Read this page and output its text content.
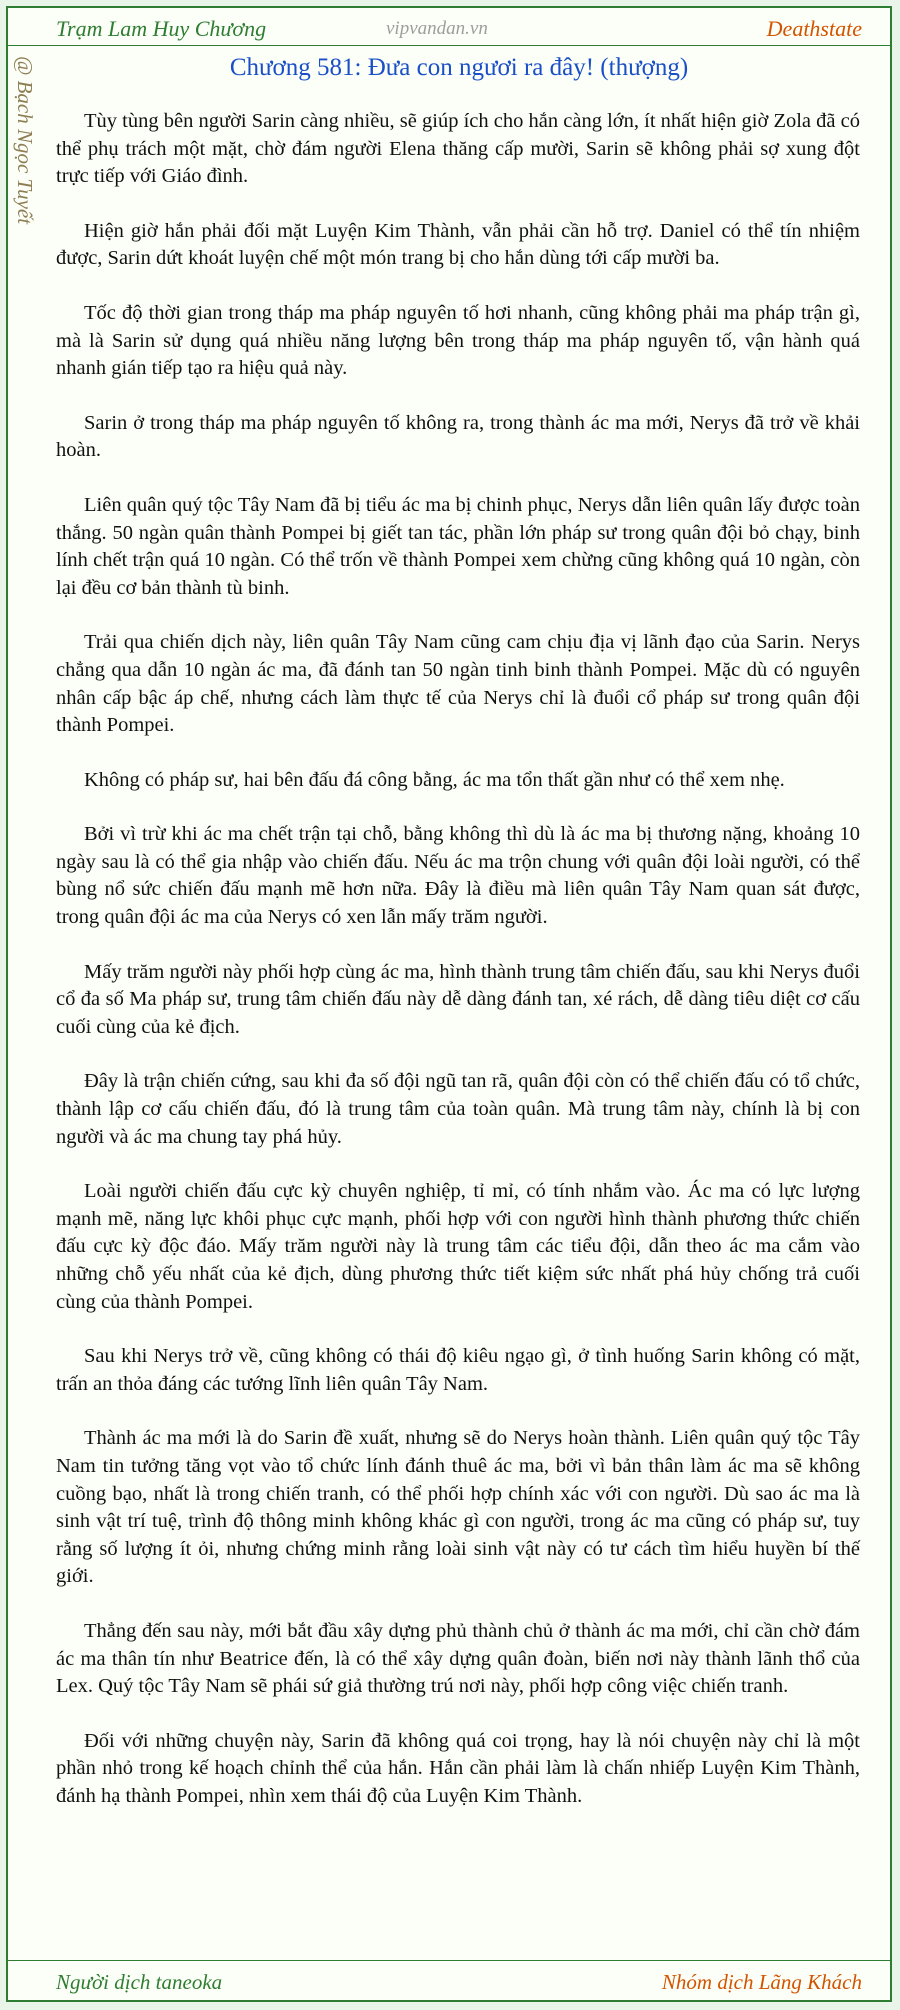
Trạm Lam Huy Chương	vipvandan.vn	Deathstate
@ Bạch Ngọc Tuyết	Chương 581: Đưa con ngươi ra đây! (thượng)

Tùy tùng bên người Sarin càng nhiều, sẽ giúp ích cho hắn càng lớn, ít nhất hiện giờ Zola đã có thể phụ trách một mặt, chờ đám người Elena thăng cấp mười, Sarin sẽ không phải sợ xung đột trực tiếp với Giáo đình.

Hiện giờ hắn phải đối mặt Luyện Kim Thành, vẫn phải cần hỗ trợ. Daniel có thể tín nhiệm được, Sarin dứt khoát luyện chế một món trang bị cho hắn dùng tới cấp mười ba.

Tốc độ thời gian trong tháp ma pháp nguyên tố hơi nhanh, cũng không phải ma pháp trận gì, mà là Sarin sử dụng quá nhiều năng lượng bên trong tháp ma pháp nguyên tố, vận hành quá nhanh gián tiếp tạo ra hiệu quả này.

Sarin ở trong tháp ma pháp nguyên tố không ra, trong thành ác ma mới, Nerys đã trở về khải hoàn.

Liên quân quý tộc Tây Nam đã bị tiểu ác ma bị chinh phục, Nerys dẫn liên quân lấy được toàn thắng. 50 ngàn quân thành Pompei bị giết tan tác, phần lớn pháp sư trong quân đội bỏ chạy, binh lính chết trận quá 10 ngàn. Có thể trốn về thành Pompei xem chừng cũng không quá 10 ngàn, còn lại đều cơ bản thành tù binh.

Trải qua chiến dịch này, liên quân Tây Nam cũng cam chịu địa vị lãnh đạo của Sarin. Nerys chẳng qua dẫn 10 ngàn ác ma, đã đánh tan 50 ngàn tinh binh thành Pompei. Mặc dù có nguyên nhân cấp bậc áp chế, nhưng cách làm thực tế của Nerys chỉ là đuổi cổ pháp sư trong quân đội thành Pompei.

Không có pháp sư, hai bên đấu đá công bằng, ác ma tổn thất gần như có thể xem nhẹ.

Bởi vì trừ khi ác ma chết trận tại chỗ, bằng không thì dù là ác ma bị thương nặng, khoảng 10 ngày sau là có thể gia nhập vào chiến đấu. Nếu ác ma trộn chung với quân đội loài người, có thể bùng nổ sức chiến đấu mạnh mẽ hơn nữa. Đây là điều mà liên quân Tây Nam quan sát được, trong quân đội ác ma của Nerys có xen lẫn mấy trăm người.

Mấy trăm người này phối hợp cùng ác ma, hình thành trung tâm chiến đấu, sau khi Nerys đuổi cổ đa số Ma pháp sư, trung tâm chiến đấu này dễ dàng đánh tan, xé rách, dễ dàng tiêu diệt cơ cấu cuối cùng của kẻ địch.

Đây là trận chiến cứng, sau khi đa số đội ngũ tan rã, quân đội còn có thể chiến đấu có tổ chức, thành lập cơ cấu chiến đấu, đó là trung tâm của toàn quân. Mà trung tâm này, chính là bị con người và ác ma chung tay phá hủy.

Loài người chiến đấu cực kỳ chuyên nghiệp, tỉ mỉ, có tính nhắm vào. Ác ma có lực lượng mạnh mẽ, năng lực khôi phục cực mạnh, phối hợp với con người hình thành phương thức chiến đấu cực kỳ độc đáo. Mấy trăm người này là trung tâm các tiểu đội, dẫn theo ác ma cắm vào những chỗ yếu nhất của kẻ địch, dùng phương thức tiết kiệm sức nhất phá hủy chống trả cuối cùng của thành Pompei.

Sau khi Nerys trở về, cũng không có thái độ kiêu ngạo gì, ở tình huống Sarin không có mặt, trấn an thỏa đáng các tướng lĩnh liên quân Tây Nam.

Thành ác ma mới là do Sarin đề xuất, nhưng sẽ do Nerys hoàn thành. Liên quân quý tộc Tây Nam tin tưởng tăng vọt vào tổ chức lính đánh thuê ác ma, bởi vì bản thân làm ác ma sẽ không cuồng bạo, nhất là trong chiến tranh, có thể phối hợp chính xác với con người. Dù sao ác ma là sinh vật trí tuệ, trình độ thông minh không khác gì con người, trong ác ma cũng có pháp sư, tuy rằng số lượng ít ỏi, nhưng chứng minh rằng loài sinh vật này có tư cách tìm hiểu huyền bí thế giới.

Thẳng đến sau này, mới bắt đầu xây dựng phủ thành chủ ở thành ác ma mới, chỉ cần chờ đám ác ma thân tín như Beatrice đến, là có thể xây dựng quân đoàn, biến nơi này thành lãnh thổ của Lex. Quý tộc Tây Nam sẽ phái sứ giả thường trú nơi này, phối hợp công việc chiến tranh.

Đối với những chuyện này, Sarin đã không quá coi trọng, hay là nói chuyện này chỉ là một phần nhỏ trong kế hoạch chỉnh thể của hắn. Hắn cần phải làm là chấn nhiếp Luyện Kim Thành, đánh hạ thành Pompei, nhìn xem thái độ của Luyện Kim Thành.

Người dịch taneoka	Nhóm dịch Lãng Khách
